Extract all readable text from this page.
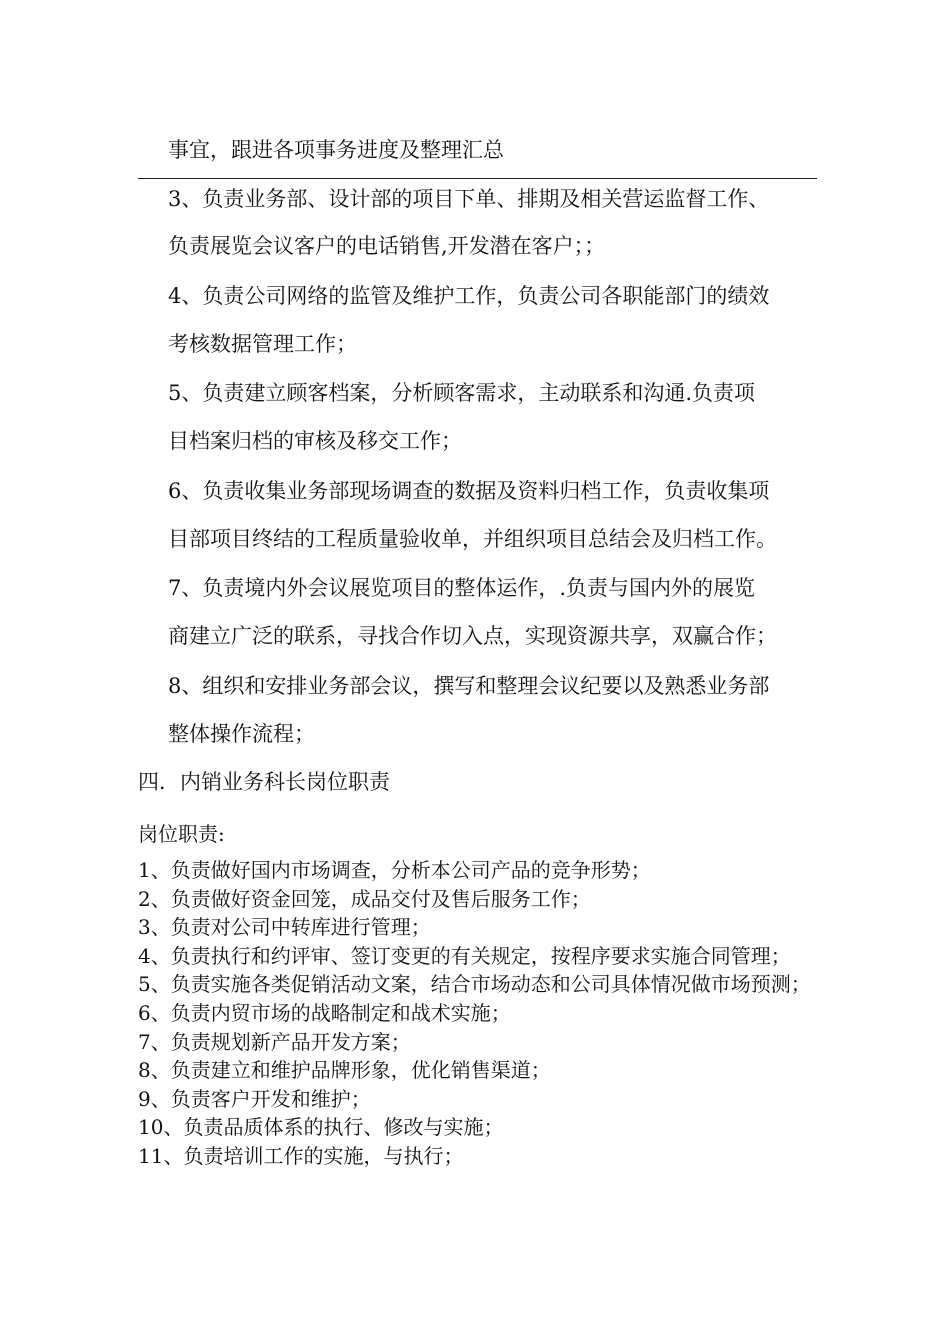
事宜，跟进各项事务进度及整理汇总
3、负责业务部、设计部的项目下单、排期及相关营运监督工作、
负责展览会议客户的电话销售,开发潜在客户；；
4、负责公司网络的监管及维护工作，负责公司各职能部门的绩效
考核数据管理工作；
5、负责建立顾客档案，分析顾客需求，主动联系和沟通.负责项
目档案归档的审核及移交工作；
6、负责收集业务部现场调查的数据及资料归档工作，负责收集项
目部项目终结的工程质量验收单，并组织项目总结会及归档工作。
7、负责境内外会议展览项目的整体运作，.负责与国内外的展览
商建立广泛的联系，寻找合作切入点，实现资源共享，双赢合作；
8、组织和安排业务部会议，撰写和整理会议纪要以及熟悉业务部
整体操作流程；
四．内销业务科长岗位职责
岗位职责:
1、负责做好国内市场调查，分析本公司产品的竞争形势；
2、负责做好资金回笼，成品交付及售后服务工作；
3、负责对公司中转库进行管理；
4、负责执行和约评审、签订变更的有关规定，按程序要求实施合同管理；
5、负责实施各类促销活动文案，结合市场动态和公司具体情况做市场预测；
6、负责内贸市场的战略制定和战术实施；
7、负责规划新产品开发方案；
8、负责建立和维护品牌形象，优化销售渠道；
9、负责客户开发和维护；
10、负责品质体系的执行、修改与实施；
11、负责培训工作的实施，与执行；
